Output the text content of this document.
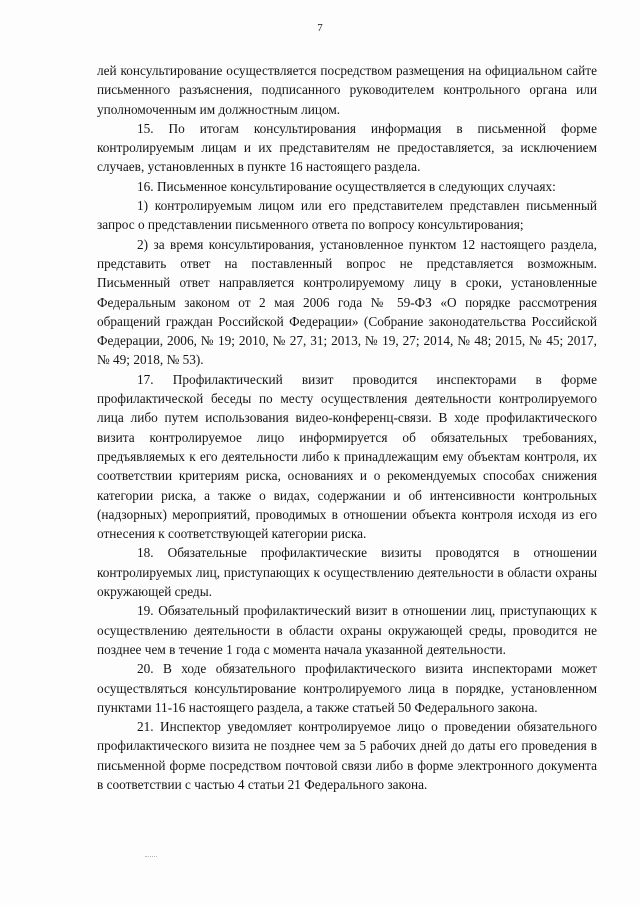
7

лей консультирование осуществляется посредством размещения на официальном сайте письменного разъяснения, подписанного руководителем контрольного органа или уполномоченным им должностным лицом.

15. По итогам консультирования информация в письменной форме контролируемым лицам и их представителям не предоставляется, за исключением случаев, установленных в пункте 16 настоящего раздела.

16. Письменное консультирование осуществляется в следующих случаях:

1) контролируемым лицом или его представителем представлен письменный запрос о представлении письменного ответа по вопросу консультирования;

2) за время консультирования, установленное пунктом 12 настоящего раздела, представить ответ на поставленный вопрос не представляется возможным. Письменный ответ направляется контролируемому лицу в сроки, установленные Федеральным законом от 2 мая 2006 года № 59-ФЗ «О порядке рассмотрения обращений граждан Российской Федерации» (Собрание законодательства Российской Федерации, 2006, № 19; 2010, № 27, 31; 2013, № 19, 27; 2014, № 48; 2015, № 45; 2017, № 49; 2018, № 53).

17. Профилактический визит проводится инспекторами в форме профилактической беседы по месту осуществления деятельности контролируемого лица либо путем использования видео-конференц-связи. В ходе профилактического визита контролируемое лицо информируется об обязательных требованиях, предъявляемых к его деятельности либо к принадлежащим ему объектам контроля, их соответствии критериям риска, основаниях и о рекомендуемых способах снижения категории риска, а также о видах, содержании и об интенсивности контрольных (надзорных) мероприятий, проводимых в отношении объекта контроля исходя из его отнесения к соответствующей категории риска.

18. Обязательные профилактические визиты проводятся в отношении контролируемых лиц, приступающих к осуществлению деятельности в области охраны окружающей среды.

19. Обязательный профилактический визит в отношении лиц, приступающих к осуществлению деятельности в области охраны окружающей среды, проводится не позднее чем в течение 1 года с момента начала указанной деятельности.

20. В ходе обязательного профилактического визита инспекторами может осуществляться консультирование контролируемого лица в порядке, установленном пунктами 11-16 настоящего раздела, а также статьей 50 Федерального закона.

21. Инспектор уведомляет контролируемое лицо о проведении обязательного профилактического визита не позднее чем за 5 рабочих дней до даты его проведения в письменной форме посредством почтовой связи либо в форме электронного документа в соответствии с частью 4 статьи 21 Федерального закона.
